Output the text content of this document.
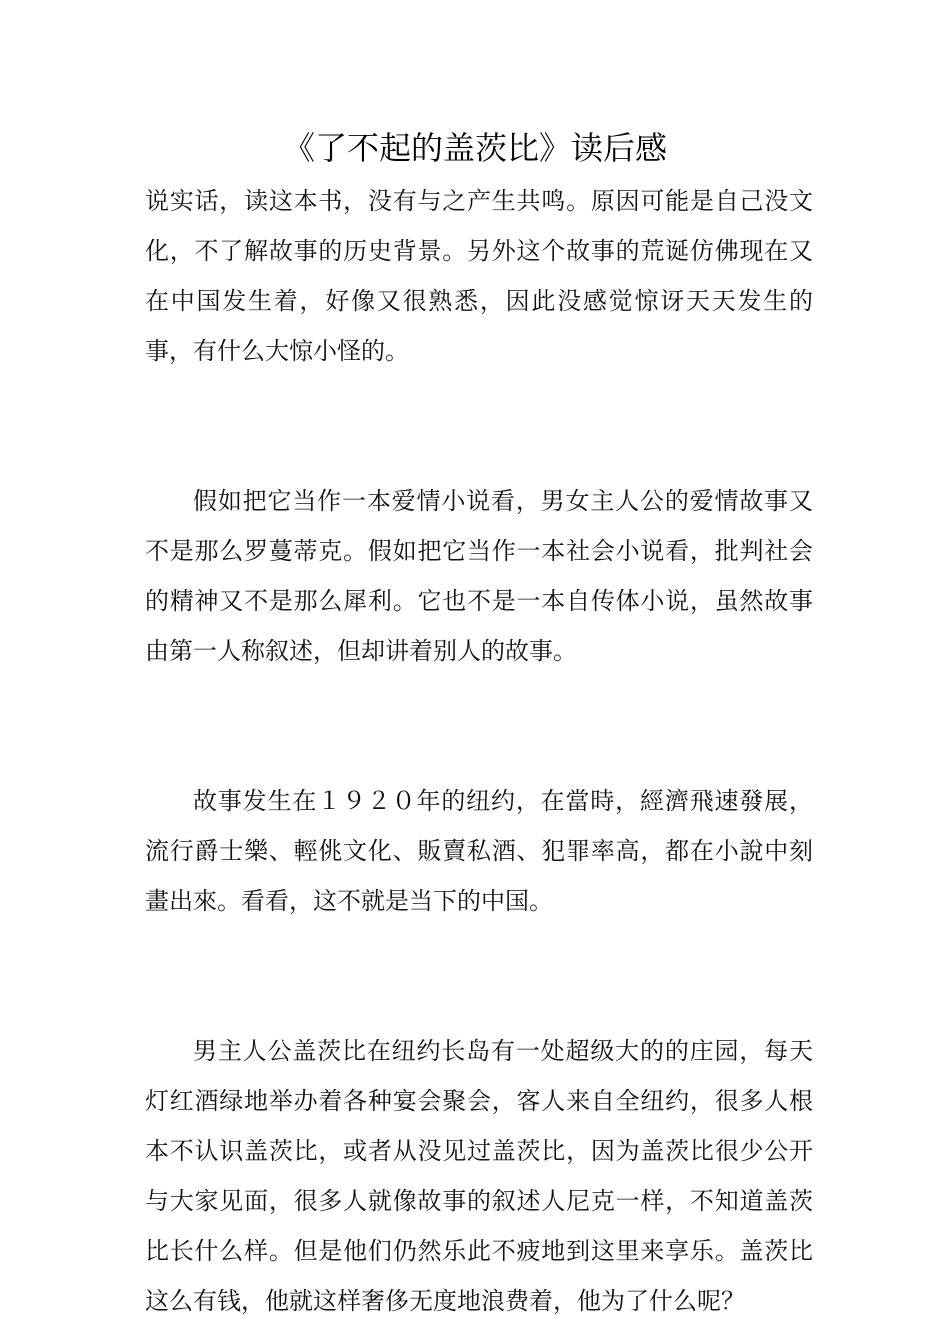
《了不起的盖茨比》读后感

说实话，读这本书，没有与之产生共鸣。原因可能是自己没文化，不了解故事的历史背景。另外这个故事的荒诞仿佛现在又在中国发生着，好像又很熟悉，因此没感觉惊讶天天发生的事，有什么大惊小怪的。

假如把它当作一本爱情小说看，男女主人公的爱情故事又不是那么罗蔓蒂克。假如把它当作一本社会小说看，批判社会的精神又不是那么犀利。它也不是一本自传体小说，虽然故事由第一人称叙述，但却讲着别人的故事。

故事发生在１９２０年的纽约，在當時，經濟飛速發展，流行爵士樂、輕佻文化、販賣私酒、犯罪率高，都在小說中刻畫出來。看看，这不就是当下的中国。

男主人公盖茨比在纽约长岛有一处超级大的的庄园，每天灯红酒绿地举办着各种宴会聚会，客人来自全纽约，很多人根本不认识盖茨比，或者从没见过盖茨比，因为盖茨比很少公开与大家见面，很多人就像故事的叙述人尼克一样，不知道盖茨比长什么样。但是他们仍然乐此不疲地到这里来享乐。盖茨比这么有钱，他就这样奢侈无度地浪费着，他为了什么呢？
